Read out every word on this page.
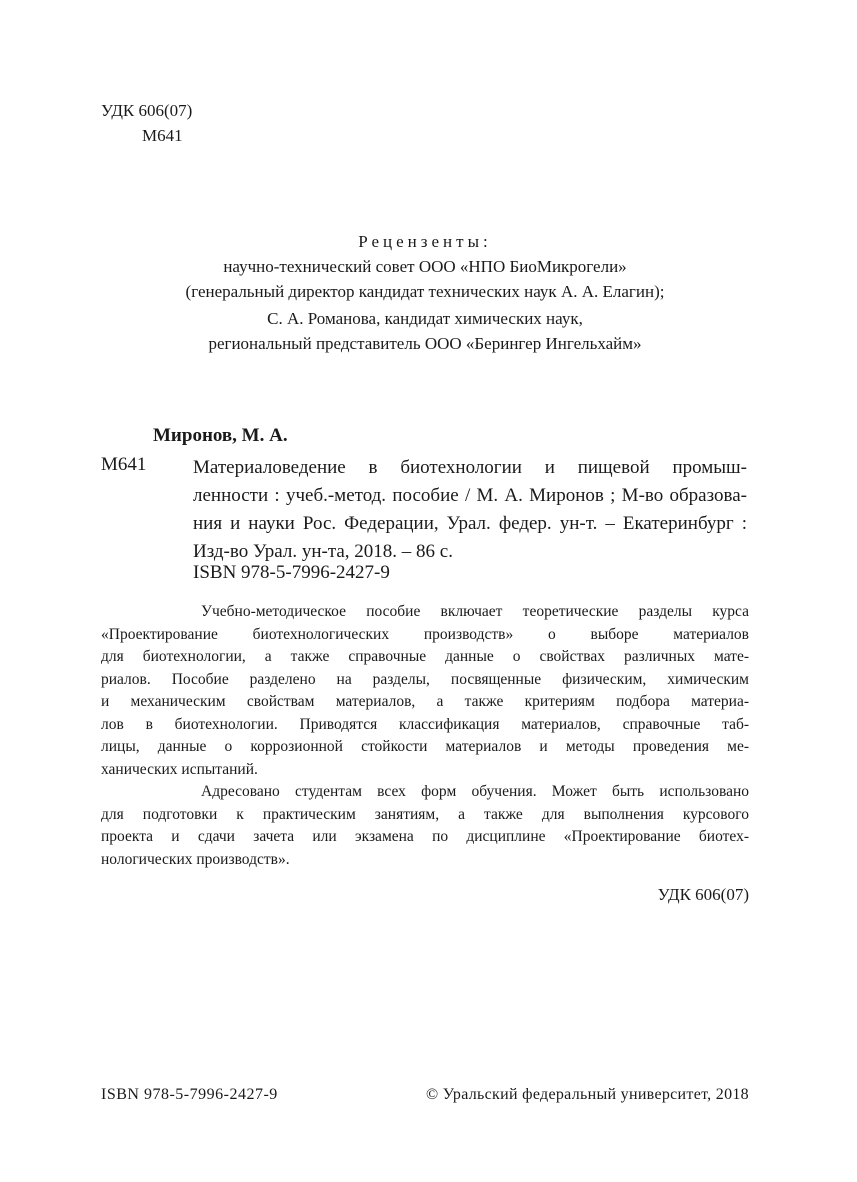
УДК 606(07)
М641
Рецензенты:
научно-технический совет ООО «НПО БиоМикрогели»
(генеральный директор кандидат технических наук А. А. Елагин);
С. А. Романова, кандидат химических наук,
региональный представитель ООО «Берингер Ингельхайм»
Миронов, М. А.
М641 Материаловедение в биотехнологии и пищевой промыш-
ленности : учеб.-метод. пособие / М. А. Миронов ; М-во образова-
ния и науки Рос. Федерации, Урал. федер. ун-т. – Екатеринбург :
Изд-во Урал. ун-та, 2018. – 86 с.
ISBN 978-5-7996-2427-9
Учебно-методическое пособие включает теоретические разделы курса
«Проектирование биотехнологических производств» о выборе материалов
для биотехнологии, а также справочные данные о свойствах различных мате-
риалов. Пособие разделено на разделы, посвященные физическим, химическим
и механическим свойствам материалов, а также критериям подбора материа-
лов в биотехнологии. Приводятся классификация материалов, справочные таб-
лицы, данные о коррозионной стойкости материалов и методы проведения ме-
ханических испытаний.
Адресовано студентам всех форм обучения. Может быть использовано
для подготовки к практическим занятиям, а также для выполнения курсового
проекта и сдачи зачета или экзамена по дисциплине «Проектирование биотех-
нологических производств».
УДК 606(07)
ISBN 978-5-7996-2427-9	© Уральский федеральный университет, 2018
